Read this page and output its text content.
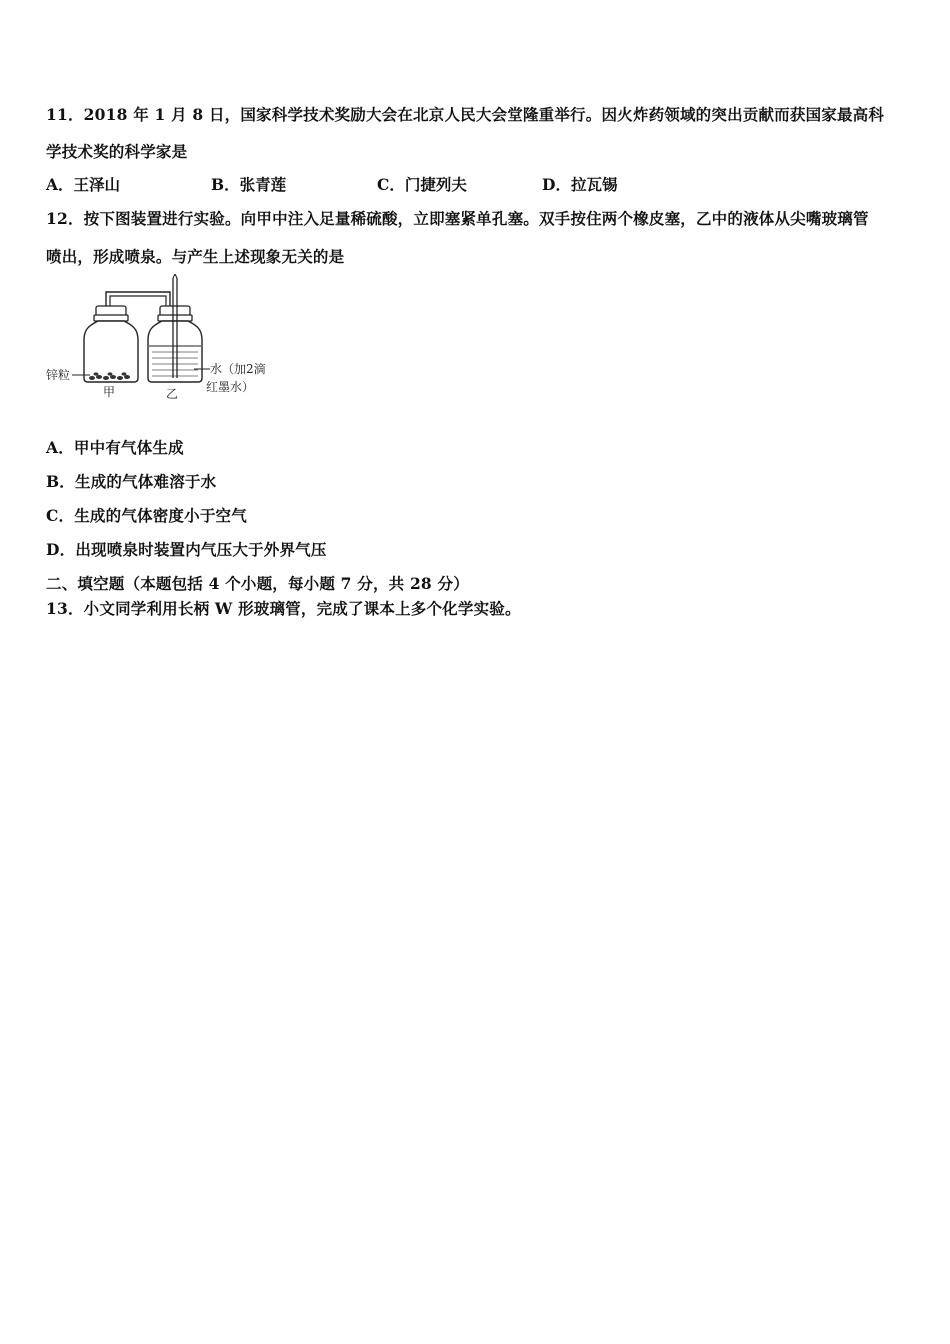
11．2018 年 1 月 8 日，国家科学技术奖励大会在北京人民大会堂隆重举行。因火炸药领域的突出贡献而获国家最高科
学技术奖的科学家是
A．王泽山	B．张青莲	C．门捷列夫	D．拉瓦锡
12．按下图装置进行实验。向甲中注入足量稀硫酸，立即塞紧单孔塞。双手按住两个橡皮塞，乙中的液体从尖嘴玻璃管
喷出，形成喷泉。与产生上述现象无关的是
锌粒
甲	乙
水（加2滴
红墨水）
A．甲中有气体生成
B．生成的气体难溶于水
C．生成的气体密度小于空气
D．出现喷泉时装置内气压大于外界气压
二、填空题（本题包括 4 个小题，每小题 7 分，共 28 分）
13．小文同学利用长柄 W 形玻璃管，完成了课本上多个化学实验。
